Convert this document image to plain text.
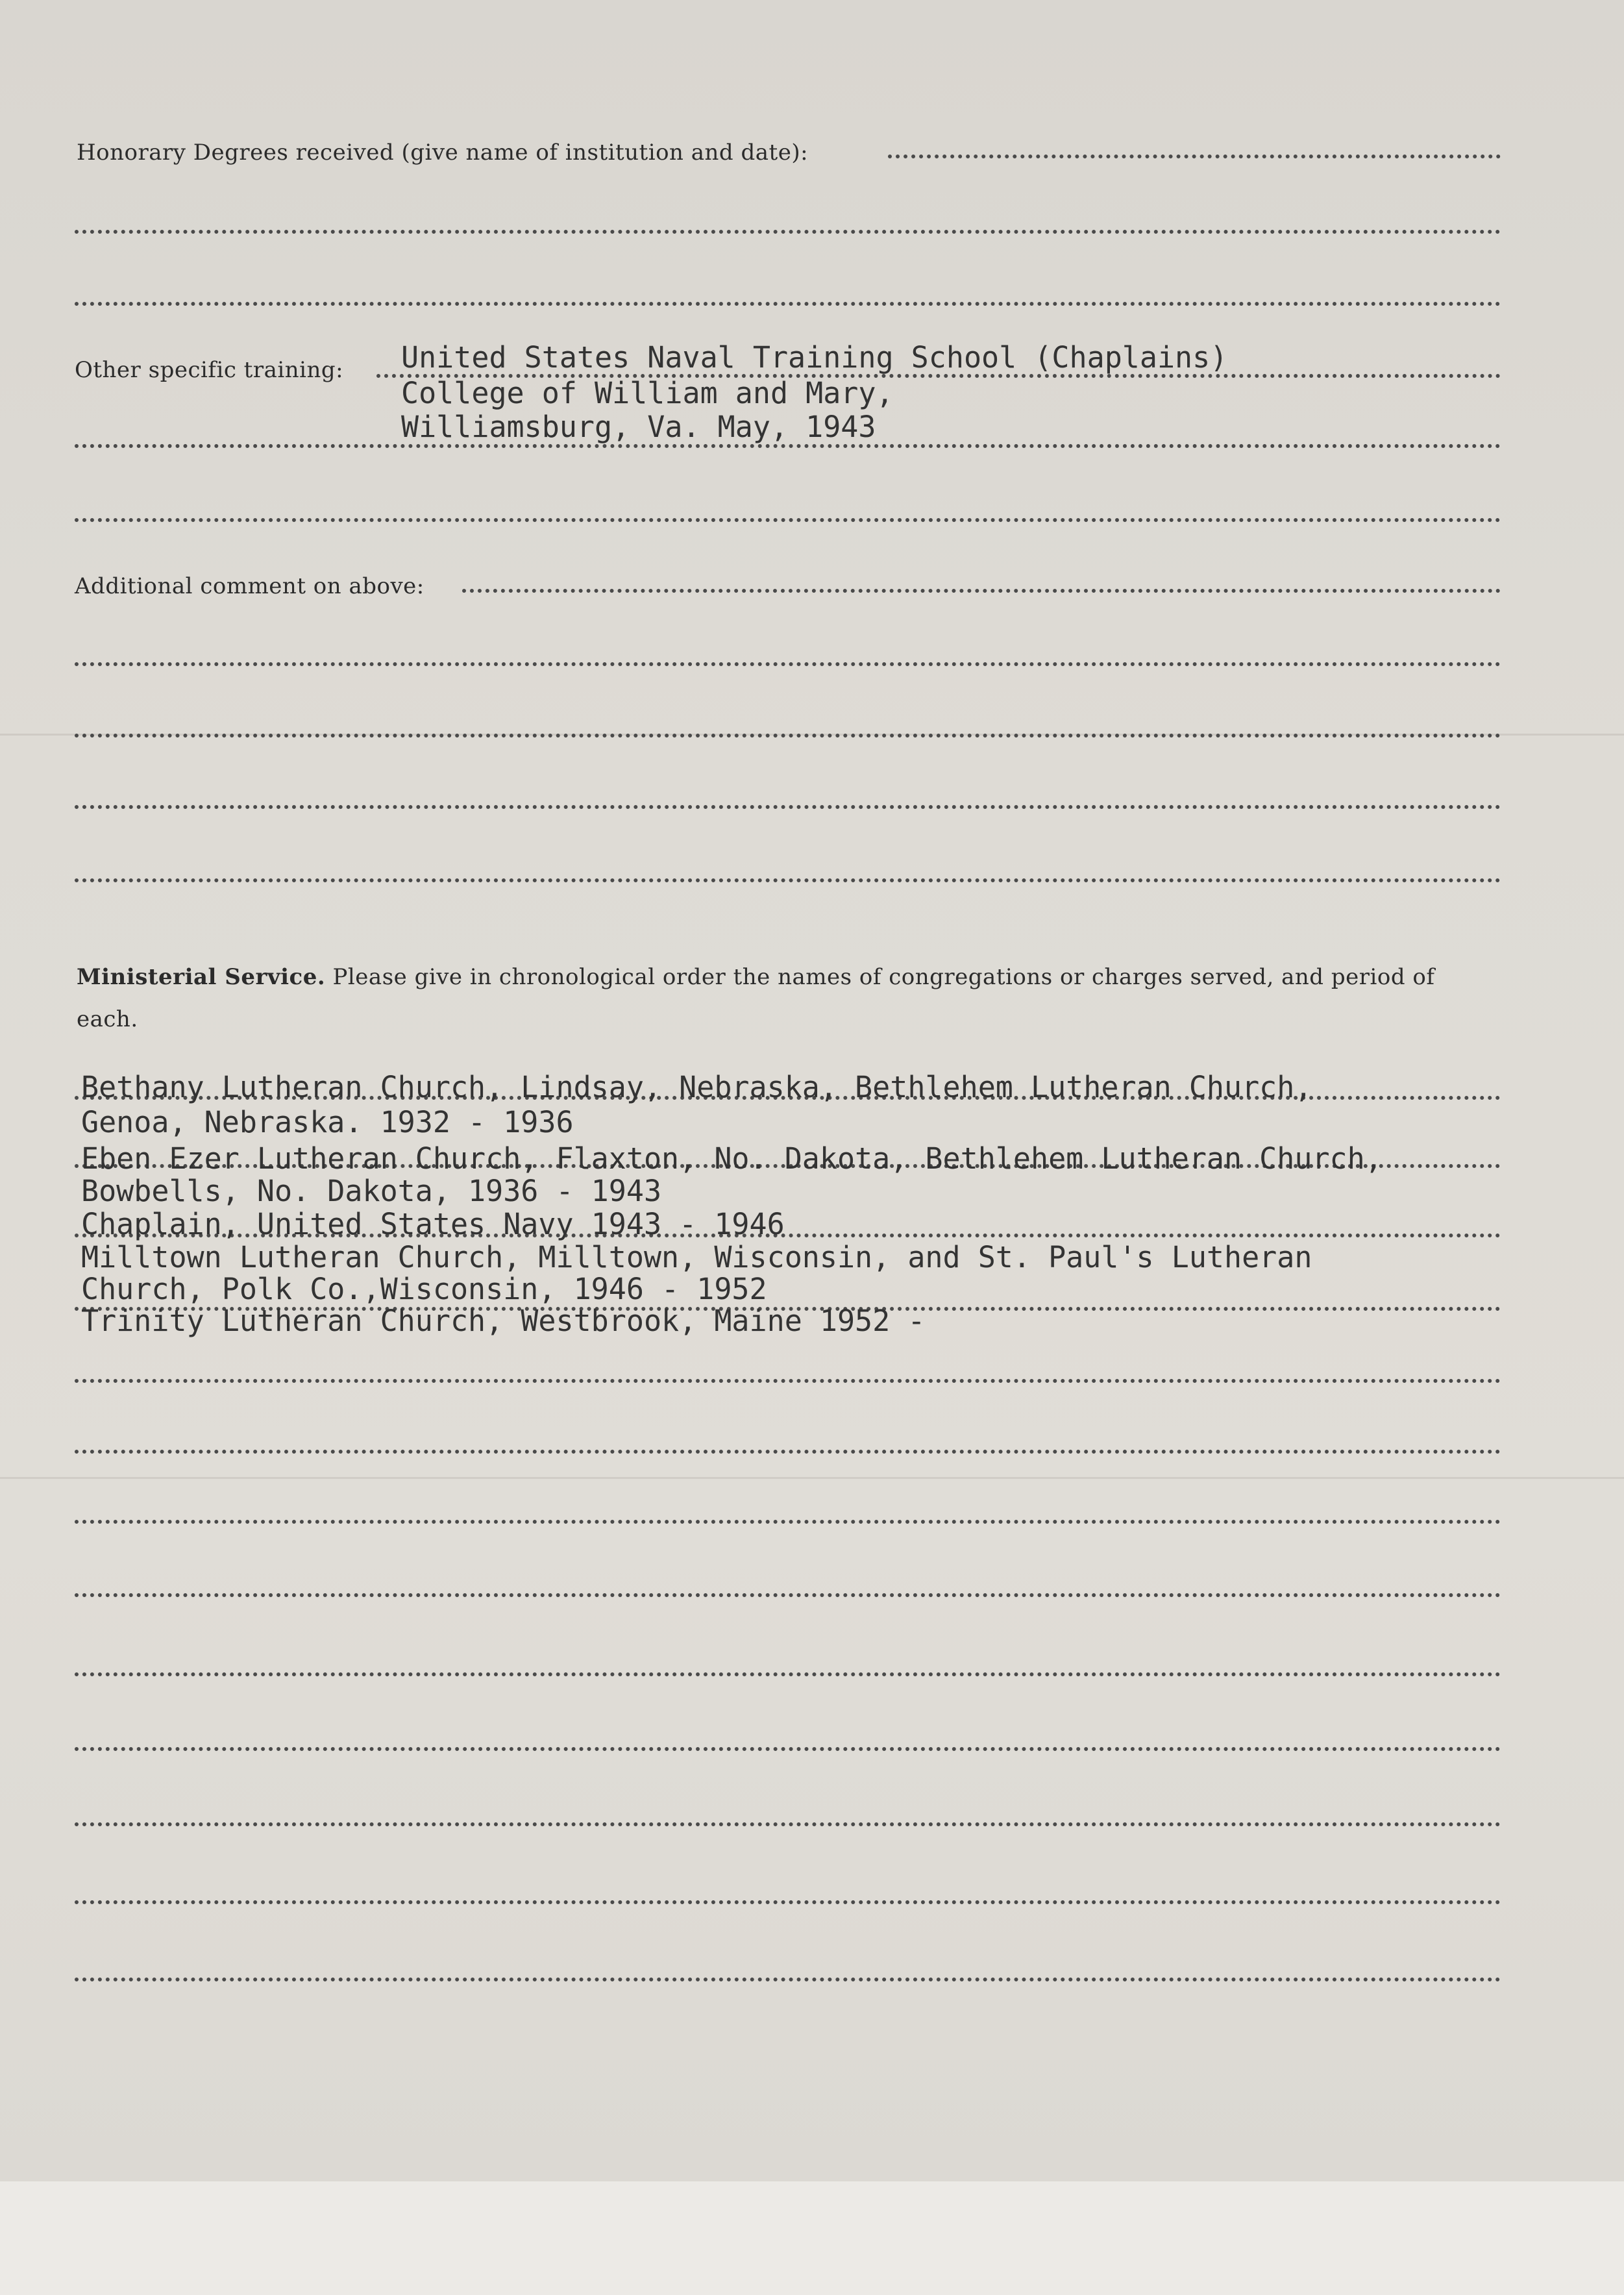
Honorary Degrees received (give name of institution and date):
Other specific training: United States Naval Training School (Chaplains)
College of William and Mary,
Williamsburg, Va. May, 1943
Additional comment on above:
Ministerial Service. Please give in chronological order the names of congregations or charges served, and period of
each.
Bethany Lutheran Church, Lindsay, Nebraska, Bethlehem Lutheran Church,
Genoa, Nebraska. 1932 - 1936
Eben Ezer Lutheran Church, Flaxton, No. Dakota, Bethlehem Lutheran Church,
Bowbells, No. Dakota, 1936 - 1943
Chaplain, United States Navy 1943 - 1946
Milltown Lutheran Church, Milltown, Wisconsin, and St. Paul's Lutheran
Church, Polk Co.,Wisconsin, 1946 - 1952
Trinity Lutheran Church, Westbrook, Maine 1952 -
